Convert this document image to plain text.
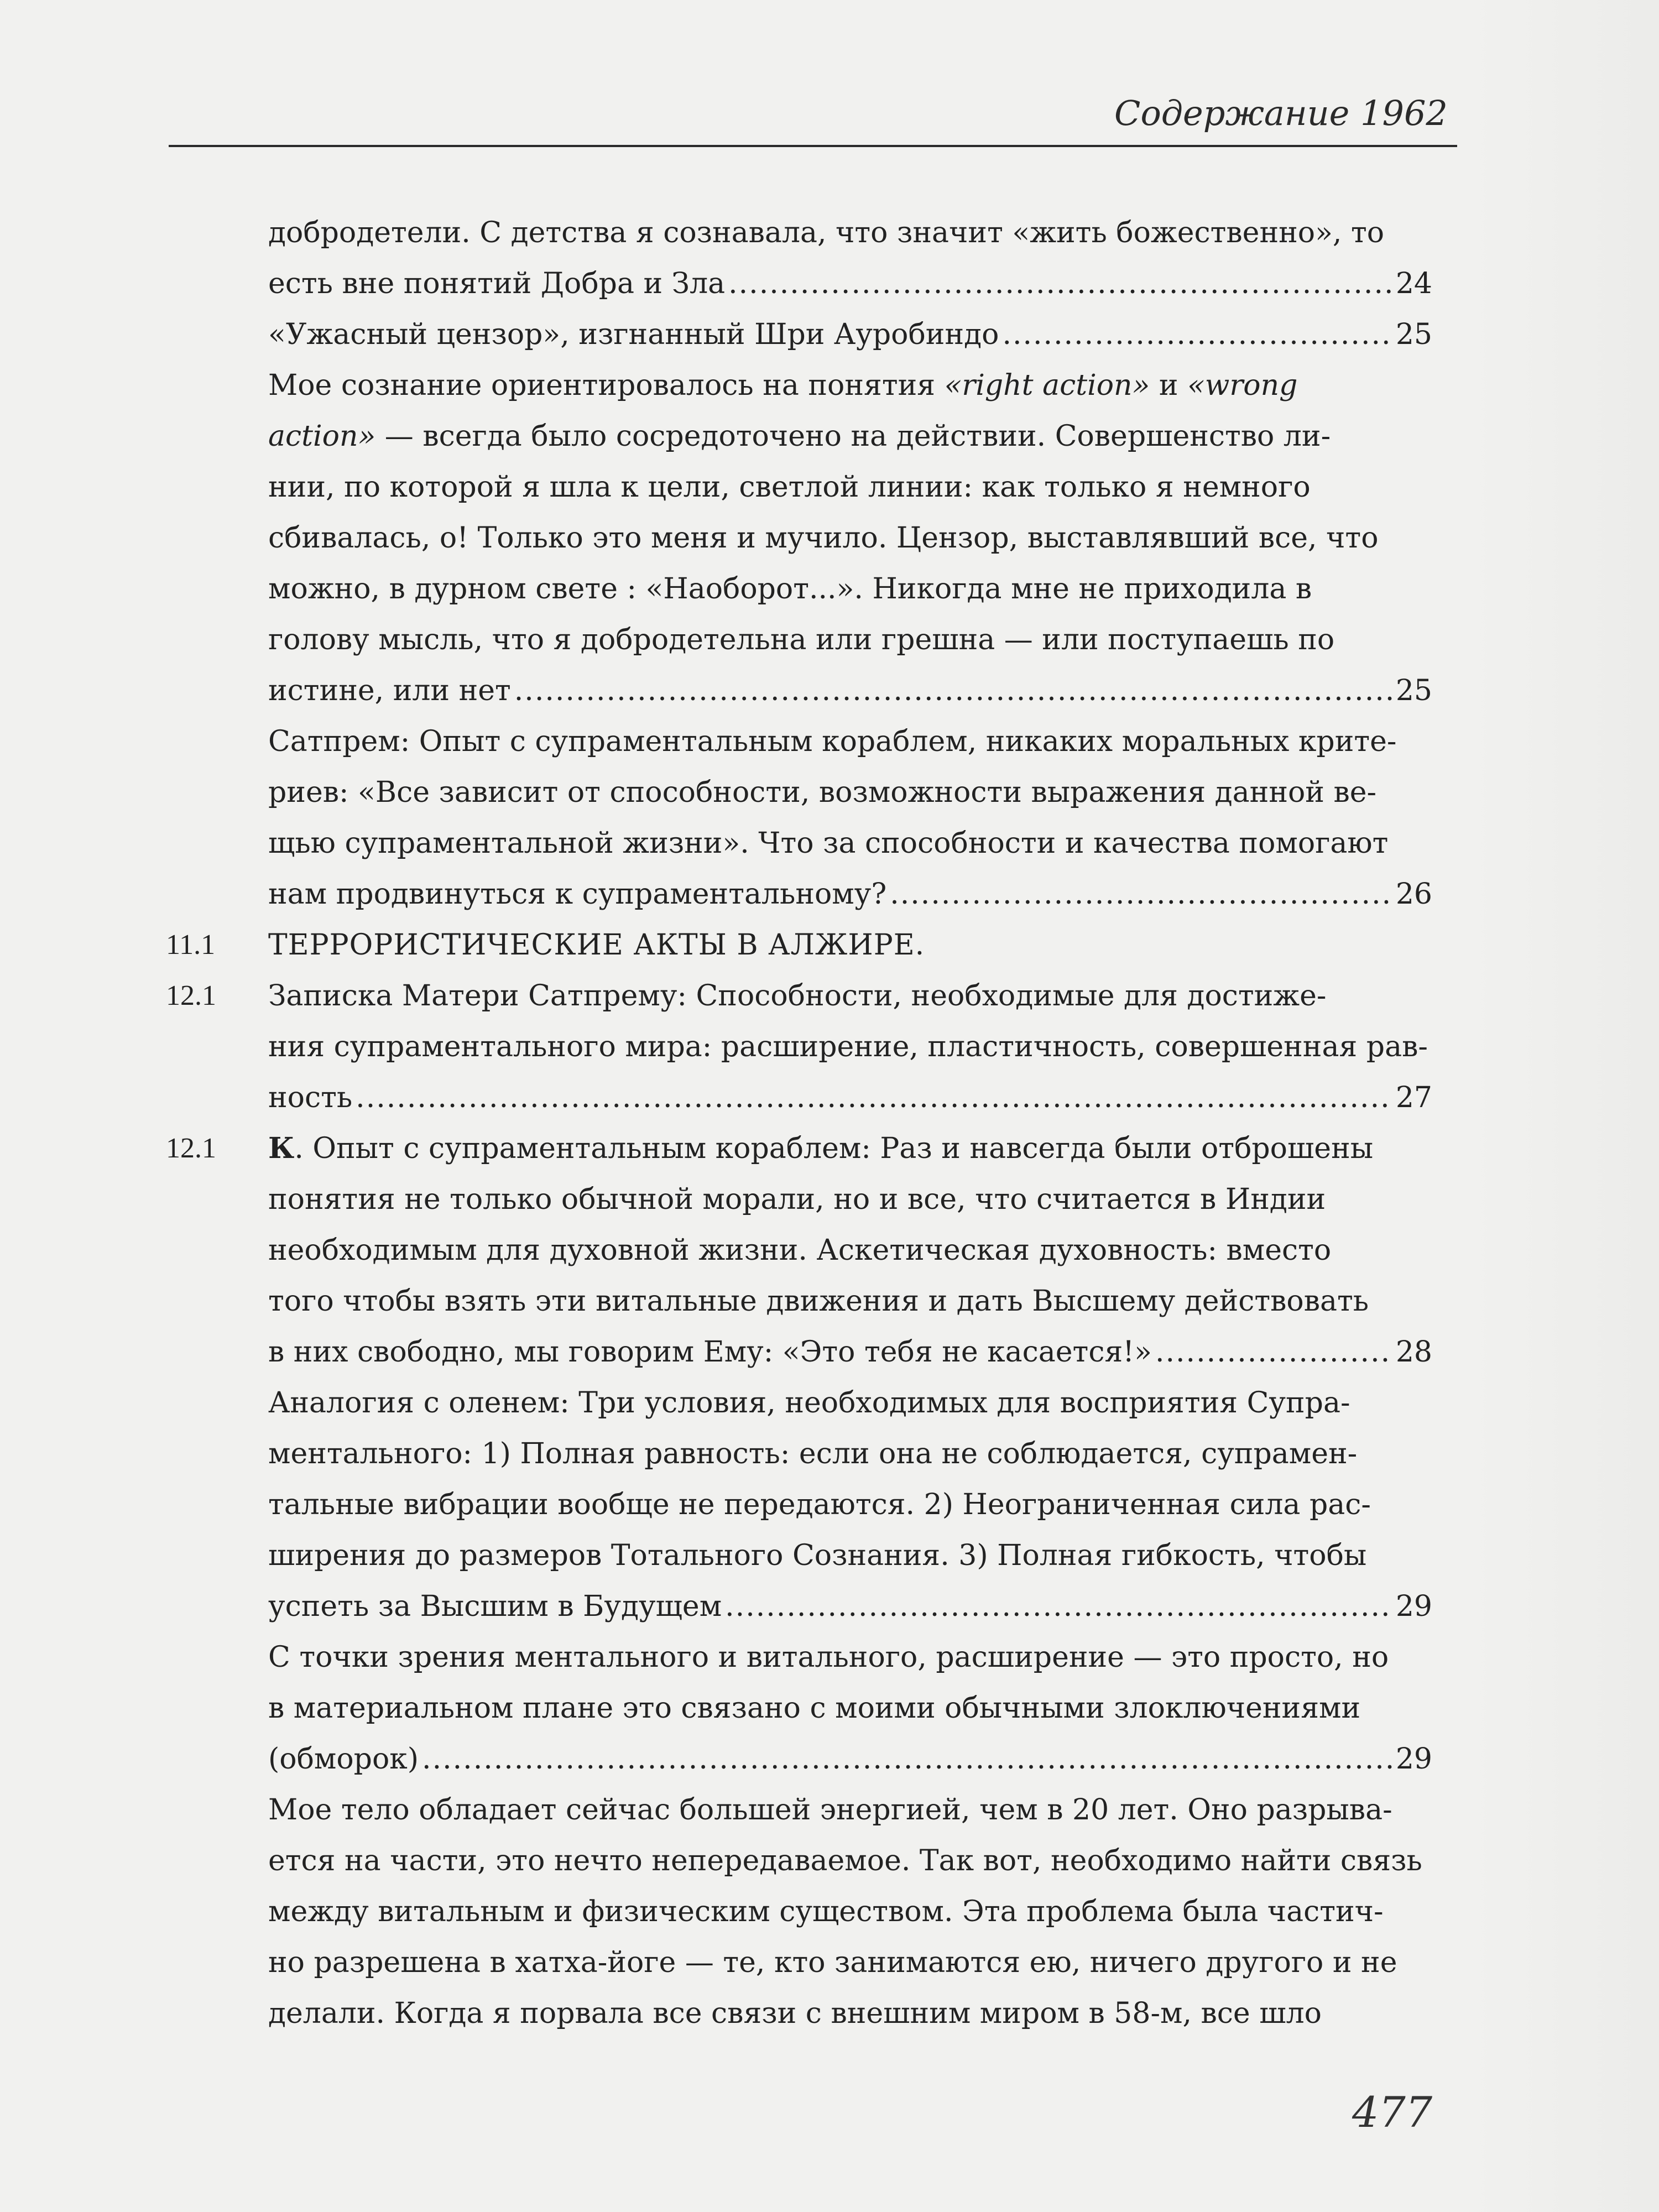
Содержание 1962

добродетели. С детства я сознавала, что значит «жить божественно», то

есть вне понятий Добра и Зла .....	24
«Ужасный цензор», изгнанный Шри Ауробиндо .....	25

Мое сознание ориентировалось на понятия «right action» и «wrong

action» — всегда было сосредоточено на действии. Совершенство ли-

нии, по которой я шла к цели, светлой линии: как только я немного

сбивалась, о! Только это меня и мучило. Цензор, выставлявший все, что

можно, в дурном свете : «Наоборот...». Никогда мне не приходила в

голову мысль, что я добродетельна или грешна — или поступаешь по

истине, или нет .....	25

Сатпрем: Опыт с супраментальным кораблем, никаких моральных крите-

риев: «Все зависит от способности, возможности выражения данной ве-

щью супраментальной жизни». Что за способности и качества помогают

нам продвинуться к супраментальному? .....	26
11.1 ТЕРРОРИСТИЧЕСКИЕ АКТЫ В АЛЖИРЕ.

12.1 Записка Матери Сатпрему: Способности, необходимые для достиже-

ния супраментального мира: расширение, пластичность, совершенная рав-

ность .....	27
12.1 К. Опыт с супраментальным кораблем: Раз и навсегда были отброшены

понятия не только обычной морали, но и все, что считается в Индии

необходимым для духовной жизни. Аскетическая духовность: вместо

того чтобы взять эти витальные движения и дать Высшему действовать

в них свободно, мы говорим Ему: «Это тебя не касается!» .....	28

Аналогия с оленем: Три условия, необходимых для восприятия Супра-

ментального: 1) Полная равность: если она не соблюдается, супрамен-

тальные вибрации вообще не передаются. 2) Неограниченная сила рас-

ширения до размеров Тотального Сознания. 3) Полная гибкость, чтобы

успеть за Высшим в Будущем .....	29

С точки зрения ментального и витального, расширение — это просто, но

в материальном плане это связано с моими обычными злоключениями

(обморок) .....	29

Мое тело обладает сейчас большей энергией, чем в 20 лет. Оно разрыва-

ется на части, это нечто непередаваемое. Так вот, необходимо найти связь

между витальным и физическим существом. Эта проблема была частич-

но разрешена в хатха-йоге — те, кто занимаются ею, ничего другого и не

делали. Когда я порвала все связи с внешним миром в 58-м, все шло

477
